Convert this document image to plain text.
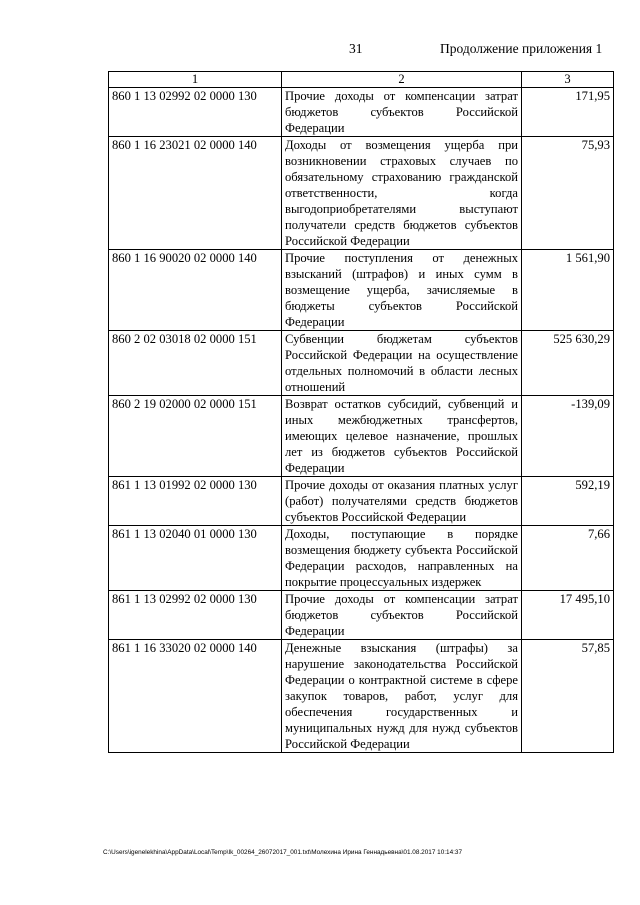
31	Продолжение приложения 1
1	2	3
860 1 13 02992 02 0000 130	Прочие доходы от компенсации затрат бюджетов субъектов Российской Федерации	171,95
860 1 16 23021 02 0000 140	Доходы от возмещения ущерба при возникновении страховых случаев по обязательному страхованию гражданской ответственности, когда выгодоприобретателями выступают получатели средств бюджетов субъектов Российской Федерации	75,93
860 1 16 90020 02 0000 140	Прочие поступления от денежных взысканий (штрафов) и иных сумм в возмещение ущерба, зачисляемые в бюджеты субъектов Российской Федерации	1 561,90
860 2 02 03018 02 0000 151	Субвенции бюджетам субъектов Российской Федерации на осуществление отдельных полномочий в области лесных отношений	525 630,29
860 2 19 02000 02 0000 151	Возврат остатков субсидий, субвенций и иных межбюджетных трансфертов, имеющих целевое назначение, прошлых лет из бюджетов субъектов Российской Федерации	-139,09
861 1 13 01992 02 0000 130	Прочие доходы от оказания платных услуг (работ) получателями средств бюджетов субъектов Российской Федерации	592,19
861 1 13 02040 01 0000 130	Доходы, поступающие в порядке возмещения бюджету субъекта Российской Федерации расходов, направленных на покрытие процессуальных издержек	7,66
861 1 13 02992 02 0000 130	Прочие доходы от компенсации затрат бюджетов субъектов Российской Федерации	17 495,10
861 1 16 33020 02 0000 140	Денежные взыскания (штрафы) за нарушение законодательства Российской Федерации о контрактной системе в сфере закупок товаров, работ, услуг для обеспечения государственных и муниципальных нужд для нужд субъектов Российской Федерации	57,85
C:\Users\igenelekhina\AppData\Local\Temp\Ik_00264_26072017_001.txt\Молехина Ирина Геннадьевна\01.08.2017 10:14:37
